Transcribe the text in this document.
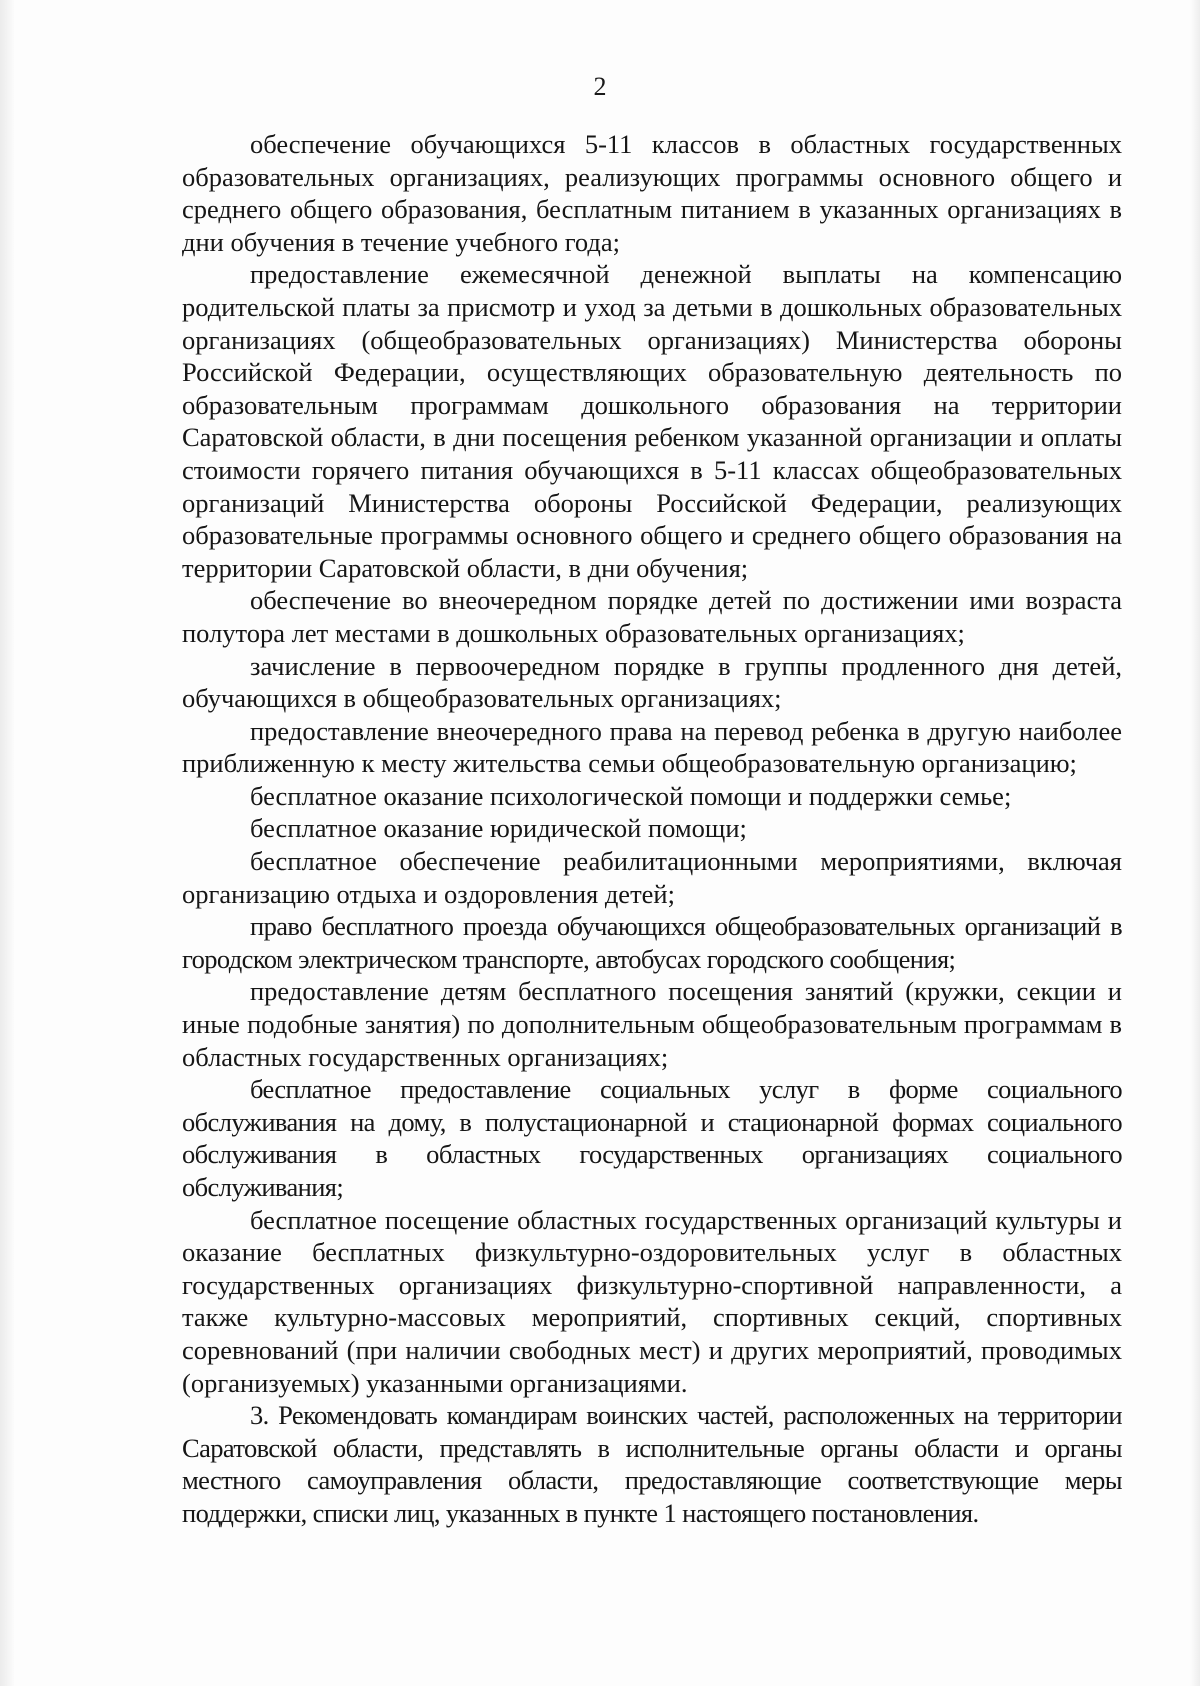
2

обеспечение обучающихся 5-11 классов в областных государственных образовательных организациях, реализующих программы основного общего и среднего общего образования, бесплатным питанием в указанных организациях в дни обучения в течение учебного года;

предоставление ежемесячной денежной выплаты на компенсацию родительской платы за присмотр и уход за детьми в дошкольных образовательных организациях (общеобразовательных организациях) Министерства обороны Российской Федерации, осуществляющих образовательную деятельность по образовательным программам дошкольного образования на территории Саратовской области, в дни посещения ребенком указанной организации и оплаты стоимости горячего питания обучающихся в 5-11 классах общеобразовательных организаций Министерства обороны Российской Федерации, реализующих образовательные программы основного общего и среднего общего образования на территории Саратовской области, в дни обучения;

обеспечение во внеочередном порядке детей по достижении ими возраста полутора лет местами в дошкольных образовательных организациях;

зачисление в первоочередном порядке в группы продленного дня детей, обучающихся в общеобразовательных организациях;

предоставление внеочередного права на перевод ребенка в другую наиболее приближенную к месту жительства семьи общеобразовательную организацию;

бесплатное оказание психологической помощи и поддержки семье;

бесплатное оказание юридической помощи;

бесплатное обеспечение реабилитационными мероприятиями, включая организацию отдыха и оздоровления детей;

право бесплатного проезда обучающихся общеобразовательных организаций в городском электрическом транспорте, автобусах городского сообщения;

предоставление детям бесплатного посещения занятий (кружки, секции и иные подобные занятия) по дополнительным общеобразовательным программам в областных государственных организациях;

бесплатное предоставление социальных услуг в форме социального обслуживания на дому, в полустационарной и стационарной формах социального обслуживания в областных государственных организациях социального обслуживания;

бесплатное посещение областных государственных организаций культуры и оказание бесплатных физкультурно-оздоровительных услуг в областных государственных организациях физкультурно-спортивной направленности, а также культурно-массовых мероприятий, спортивных секций, спортивных соревнований (при наличии свободных мест) и других мероприятий, проводимых (организуемых) указанными организациями.

3. Рекомендовать командирам воинских частей, расположенных на территории Саратовской области, представлять в исполнительные органы области и органы местного самоуправления области, предоставляющие соответствующие меры поддержки, списки лиц, указанных в пункте 1 настоящего постановления.
